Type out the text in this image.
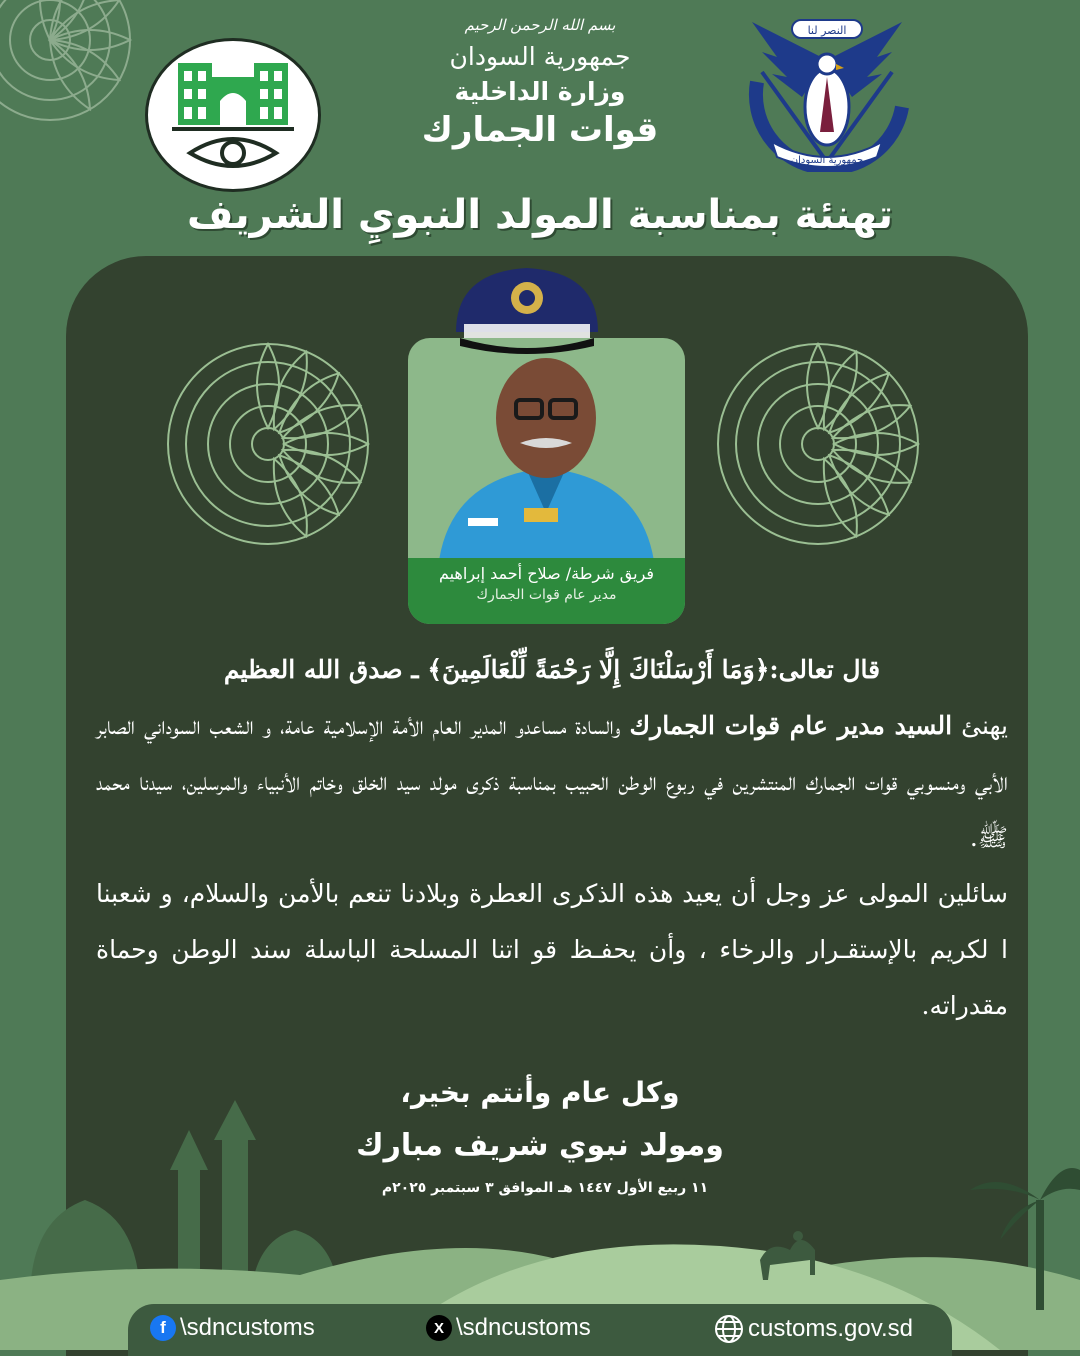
النصر لنا
جمهورية السودان
بسم الله الرحمن الرحيم
جمهورية السودان
وزارة الداخلية
قوات الجمارك
تهنئة بمناسبة المولد النبويِ الشريف
فريق شرطة/ صلاح أحمد إبراهيم
مدير عام قوات الجمارك
قال تعالى:﴿وَمَا أَرْسَلْنَاكَ إِلَّا رَحْمَةً لِّلْعَالَمِينَ﴾ ـ صدق الله العظيم

يهنئ السيد مدير عام قوات الجمارك والسادة مساعدو المدير العام الأمة الإسلامية عامة، و الشعب السوداني الصابر الأبي ومنسوبي قوات الجمارك المنتشرين في ربوع الوطن الحبيب بمناسبة ذكرى مولد سيد الخلق وخاتم الأنبياء والمرسلين، سيدنا محمد ﷺ.

سائلين المولى عز وجل أن يعيد هذه الذكرى العطرة وبلادنا تنعم بالأمن والسلام، و شعبنا ا لكريم بالإستقـرار والرخاء ، وأن يحفـظ قو اتنا المسلحة الباسلة سند الوطن وحماة مقدراته.

وكل عام وأنتم بخير،
ومولد نبوي شريف مبارك
١١ ربيع الأول ١٤٤٧ هـ الموافق ٣ سبتمبر ٢٠٢٥م
f \sdncustoms	X \sdncustoms	customs.gov.sd
